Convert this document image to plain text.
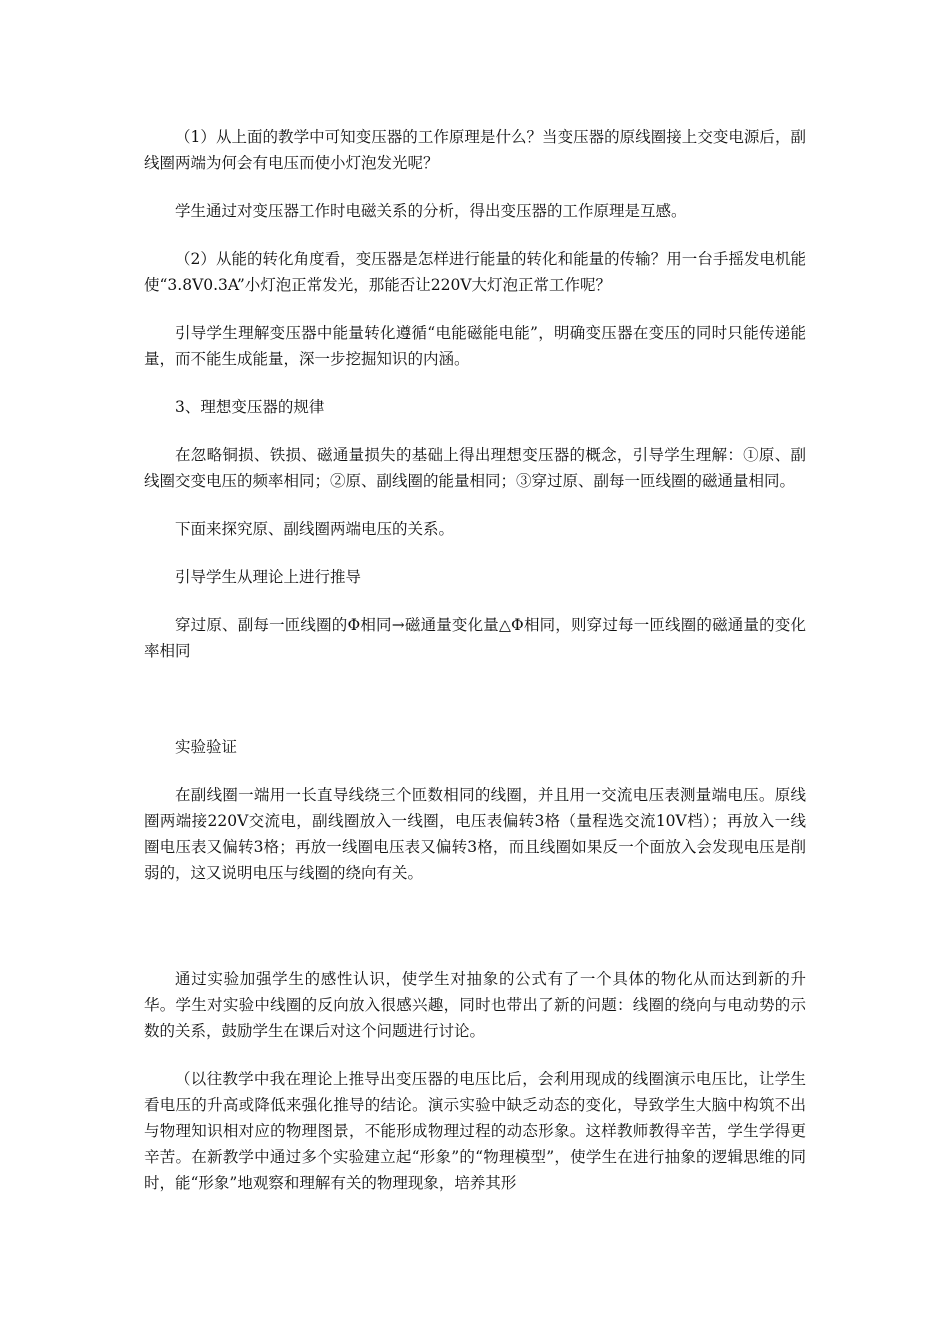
（1）从上面的教学中可知变压器的工作原理是什么？当变压器的原线圈接上交变电源后，副线圈两端为何会有电压而使小灯泡发光呢？

学生通过对变压器工作时电磁关系的分析，得出变压器的工作原理是互感。

（2）从能的转化角度看，变压器是怎样进行能量的转化和能量的传输？用一台手摇发电机能使“3.8V0.3A”小灯泡正常发光，那能否让220V大灯泡正常工作呢？

引导学生理解变压器中能量转化遵循“电能磁能电能”，明确变压器在变压的同时只能传递能量，而不能生成能量，深一步挖掘知识的内涵。

3、理想变压器的规律

在忽略铜损、铁损、磁通量损失的基础上得出理想变压器的概念，引导学生理解：①原、副线圈交变电压的频率相同；②原、副线圈的能量相同；③穿过原、副每一匝线圈的磁通量相同。

下面来探究原、副线圈两端电压的关系。

引导学生从理论上进行推导

穿过原、副每一匝线圈的Φ相同→磁通量变化量△Φ相同，则穿过每一匝线圈的磁通量的变化率相同

实验验证

在副线圈一端用一长直导线绕三个匝数相同的线圈，并且用一交流电压表测量端电压。原线圈两端接220V交流电，副线圈放入一线圈，电压表偏转3格（量程选交流10V档）；再放入一线圈电压表又偏转3格；再放一线圈电压表又偏转3格，而且线圈如果反一个面放入会发现电压是削弱的，这又说明电压与线圈的绕向有关。

通过实验加强学生的感性认识，使学生对抽象的公式有了一个具体的物化从而达到新的升华。学生对实验中线圈的反向放入很感兴趣，同时也带出了新的问题：线圈的绕向与电动势的示数的关系，鼓励学生在课后对这个问题进行讨论。

（以往教学中我在理论上推导出变压器的电压比后，会利用现成的线圈演示电压比，让学生看电压的升高或降低来强化推导的结论。演示实验中缺乏动态的变化，导致学生大脑中构筑不出与物理知识相对应的物理图景，不能形成物理过程的动态形象。这样教师教得辛苦，学生学得更辛苦。在新教学中通过多个实验建立起“形象”的“物理模型”，使学生在进行抽象的逻辑思维的同时，能“形象”地观察和理解有关的物理现象，培养其形
